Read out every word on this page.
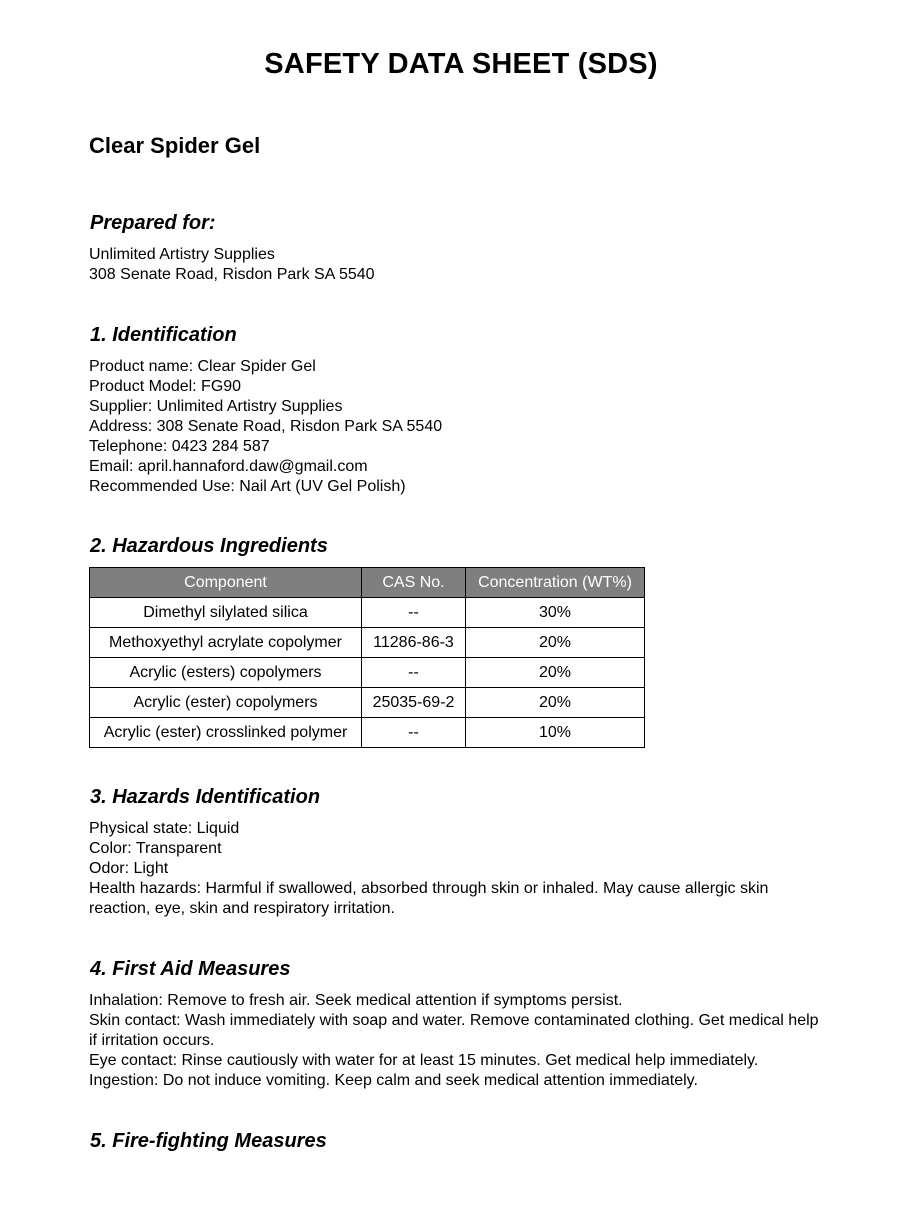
SAFETY DATA SHEET (SDS)
Clear Spider Gel
Prepared for:
Unlimited Artistry Supplies
308 Senate Road, Risdon Park SA 5540
1. Identification
Product name: Clear Spider Gel
Product Model: FG90
Supplier: Unlimited Artistry Supplies
Address: 308 Senate Road, Risdon Park SA 5540
Telephone: 0423 284 587
Email: april.hannaford.daw@gmail.com
Recommended Use: Nail Art (UV Gel Polish)
2. Hazardous Ingredients
Component	CAS No.	Concentration (WT%)
Dimethyl silylated silica	--	30%
Methoxyethyl acrylate copolymer	11286-86-3	20%
Acrylic (esters) copolymers	--	20%
Acrylic (ester) copolymers	25035-69-2	20%
Acrylic (ester) crosslinked polymer	--	10%
3. Hazards Identification
Physical state: Liquid
Color: Transparent
Odor: Light
Health hazards: Harmful if swallowed, absorbed through skin or inhaled. May cause allergic skin reaction, eye, skin and respiratory irritation.
4. First Aid Measures
Inhalation: Remove to fresh air. Seek medical attention if symptoms persist.
Skin contact: Wash immediately with soap and water. Remove contaminated clothing. Get medical help if irritation occurs.
Eye contact: Rinse cautiously with water for at least 15 minutes. Get medical help immediately.
Ingestion: Do not induce vomiting. Keep calm and seek medical attention immediately.
5. Fire-fighting Measures
